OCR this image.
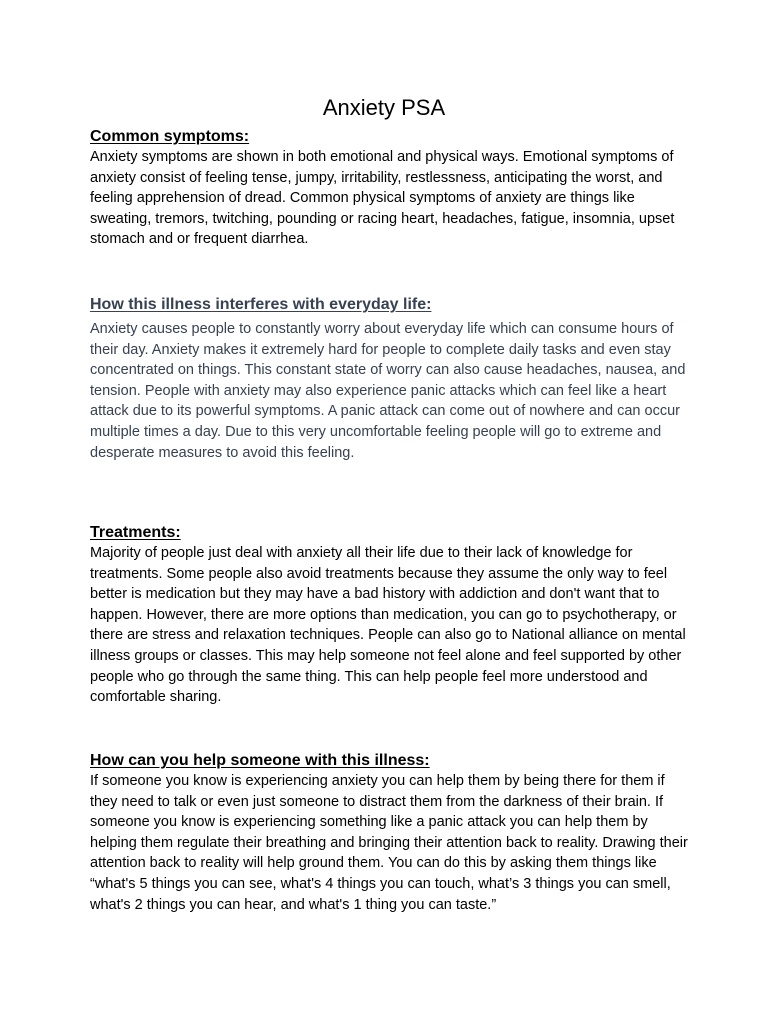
Anxiety PSA
Common symptoms:

Anxiety symptoms are shown in both emotional and physical ways. Emotional symptoms of anxiety consist of feeling tense, jumpy, irritability, restlessness, anticipating the worst, and feeling apprehension of dread. Common physical symptoms of anxiety are things like sweating, tremors, twitching, pounding or racing heart, headaches, fatigue, insomnia, upset stomach and or frequent diarrhea.

How this illness interferes with everyday life:

Anxiety causes people to constantly worry about everyday life which can consume hours of their day. Anxiety makes it extremely hard for people to complete daily tasks and even stay concentrated on things. This constant state of worry can also cause headaches, nausea, and tension. People with anxiety may also experience panic attacks which can feel like a heart attack due to its powerful symptoms. A panic attack can come out of nowhere and can occur multiple times a day. Due to this very uncomfortable feeling people will go to extreme and desperate measures to avoid this feeling.

Treatments:

Majority of people just deal with anxiety all their life due to their lack of knowledge for treatments. Some people also avoid treatments because they assume the only way to feel better is medication but they may have a bad history with addiction and don't want that to happen. However, there are more options than medication, you can go to psychotherapy, or there are stress and relaxation techniques. People can also go to National alliance on mental illness groups or classes. This may help someone not feel alone and feel supported by other people who go through the same thing. This can help people feel more understood and comfortable sharing.

How can you help someone with this illness:

If someone you know is experiencing anxiety you can help them by being there for them if they need to talk or even just someone to distract them from the darkness of their brain. If someone you know is experiencing something like a panic attack you can help them by helping them regulate their breathing and bringing their attention back to reality. Drawing their attention back to reality will help ground them. You can do this by asking them things like “what's 5 things you can see, what's 4 things you can touch, what’s 3 things you can smell, what's 2 things you can hear, and what's 1 thing you can taste.”
